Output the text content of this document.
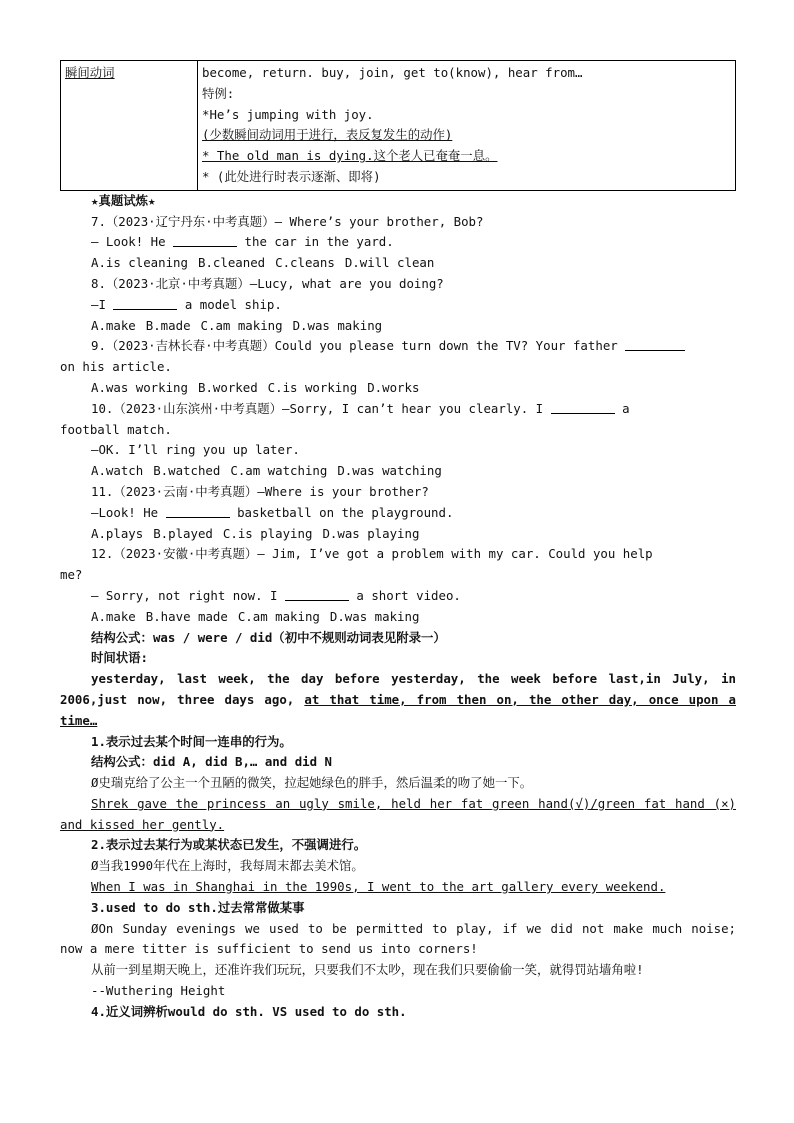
瞬间动词	become, return. buy, join, get to(know), hear from…
特例:
*He’s jumping with joy.
(少数瞬间动词用于进行，表反复发生的动作)
* The old man is dying.这个老人已奄奄一息。
* (此处进行时表示逐渐、即将)
★真题试炼★
7.（2023·辽宁丹东·中考真题）— Where’s your brother, Bob?
— Look! He	the car in the yard.
A.is cleaning B.cleaned C.cleans D.will clean
8.（2023·北京·中考真题）—Lucy, what are you doing?
—I	a model ship.
A.make B.made C.am making D.was making
9.（2023·吉林长春·中考真题）Could you please turn down the TV? Your father
on his article.
A.was working B.worked C.is working D.works
10.（2023·山东滨州·中考真题）—Sorry, I can’t hear you clearly. I	a
football match.
—OK. I’ll ring you up later.
A.watch B.watched C.am watching D.was watching
11.（2023·云南·中考真题）—Where is your brother?
—Look! He	basketball on the playground.
A.plays B.played C.is playing D.was playing
12.（2023·安徽·中考真题）— Jim, I’ve got a problem with my car. Could you help
me?
— Sorry, not right now. I	a short video.
A.make B.have made C.am making D.was making
结构公式：was / were / did（初中不规则动词表见附录一）
时间状语:
yesterday, last week, the day before yesterday, the week before last,in July, in 2006,just now, three days ago, at that time, from then on, the other day, once upon a time…
1.表示过去某个时间一连串的行为。
结构公式：did A, did B,… and did N
Ø史瑞克给了公主一个丑陋的微笑，拉起她绿色的胖手，然后温柔的吻了她一下。
Shrek gave the princess an ugly smile, held her fat green hand(√)/green fat hand (×) and kissed her gently.
2.表示过去某行为或某状态已发生，不强调进行。
Ø当我1990年代在上海时，我每周末都去美术馆。
When I was in Shanghai in the 1990s, I went to the art gallery every weekend.
3.used to do sth.过去常常做某事
ØOn Sunday evenings we used to be permitted to play, if we did not make much noise; now a mere titter is sufficient to send us into corners!
从前一到星期天晚上，还准许我们玩玩，只要我们不太吵，现在我们只要偷偷一笑，就得罚站墙角啦!
--Wuthering Height
4.近义词辨析would do sth. VS used to do sth.
